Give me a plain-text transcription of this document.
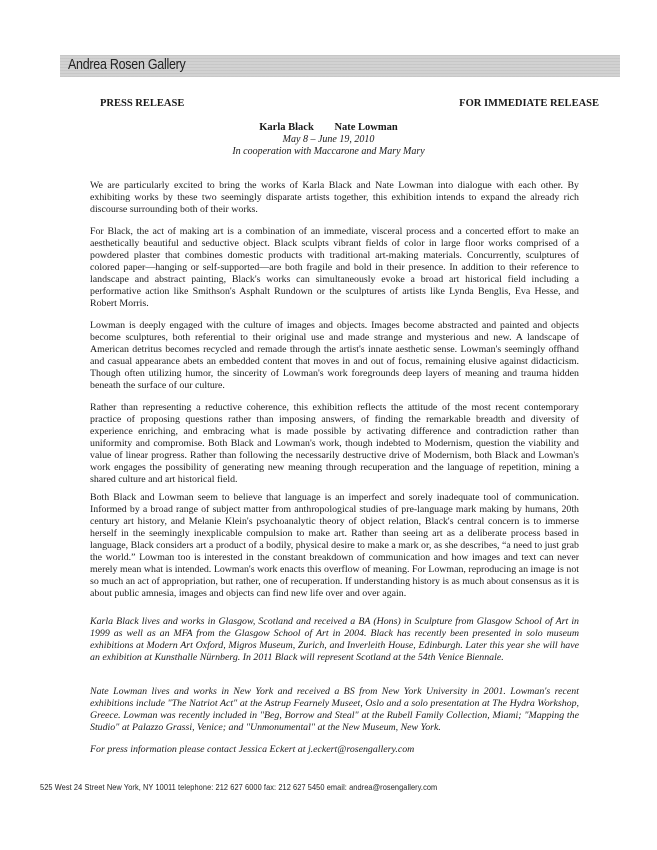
Andrea Rosen Gallery
PRESS RELEASE	FOR IMMEDIATE RELEASE
Karla Black Nate Lowman
May 8 – June 19, 2010
In cooperation with Maccarone and Mary Mary

We are particularly excited to bring the works of Karla Black and Nate Lowman into dialogue with each other. By exhibiting works by these two seemingly disparate artists together, this exhibition intends to expand the already rich discourse surrounding both of their works.

For Black, the act of making art is a combination of an immediate, visceral process and a concerted effort to make an aesthetically beautiful and seductive object. Black sculpts vibrant fields of color in large floor works comprised of a powdered plaster that combines domestic products with traditional art-making materials. Concurrently, sculptures of colored paper—hanging or self-supported—are both fragile and bold in their presence. In addition to their reference to landscape and abstract painting, Black's works can simultaneously evoke a broad art historical field including a performative action like Smithson's Asphalt Rundown or the sculptures of artists like Lynda Benglis, Eva Hesse, and Robert Morris.

Lowman is deeply engaged with the culture of images and objects. Images become abstracted and painted and objects become sculptures, both referential to their original use and made strange and mysterious and new. A landscape of American detritus becomes recycled and remade through the artist's innate aesthetic sense. Lowman's seemingly offhand and casual appearance abets an embedded content that moves in and out of focus, remaining elusive against didacticism. Though often utilizing humor, the sincerity of Lowman's work foregrounds deep layers of meaning and trauma hidden beneath the surface of our culture.

Rather than representing a reductive coherence, this exhibition reflects the attitude of the most recent contemporary practice of proposing questions rather than imposing answers, of finding the remarkable breadth and diversity of experience enriching, and embracing what is made possible by activating difference and contradiction rather than uniformity and compromise. Both Black and Lowman's work, though indebted to Modernism, question the viability and value of linear progress. Rather than following the necessarily destructive drive of Modernism, both Black and Lowman's work engages the possibility of generating new meaning through recuperation and the language of repetition, mining a shared culture and art historical field.

Both Black and Lowman seem to believe that language is an imperfect and sorely inadequate tool of communication. Informed by a broad range of subject matter from anthropological studies of pre-language mark making by humans, 20th century art history, and Melanie Klein's psychoanalytic theory of object relation, Black's central concern is to immerse herself in the seemingly inexplicable compulsion to make art. Rather than seeing art as a deliberate process based in language, Black considers art a product of a bodily, physical desire to make a mark or, as she describes, “a need to just grab the world.” Lowman too is interested in the constant breakdown of communication and how images and text can never merely mean what is intended. Lowman's work enacts this overflow of meaning. For Lowman, reproducing an image is not so much an act of appropriation, but rather, one of recuperation. If understanding history is as much about consensus as it is about public amnesia, images and objects can find new life over and over again.

Karla Black lives and works in Glasgow, Scotland and received a BA (Hons) in Sculpture from Glasgow School of Art in 1999 as well as an MFA from the Glasgow School of Art in 2004. Black has recently been presented in solo museum exhibitions at Modern Art Oxford, Migros Museum, Zurich, and Inverleith House, Edinburgh. Later this year she will have an exhibition at Kunsthalle Nürnberg. In 2011 Black will represent Scotland at the 54th Venice Biennale.

Nate Lowman lives and works in New York and received a BS from New York University in 2001. Lowman's recent exhibitions include "The Natriot Act" at the Astrup Fearnely Museet, Oslo and a solo presentation at The Hydra Workshop, Greece. Lowman was recently included in "Beg, Borrow and Steal" at the Rubell Family Collection, Miami; "Mapping the Studio" at Palazzo Grassi, Venice; and "Unmonumental" at the New Museum, New York.

For press information please contact Jessica Eckert at j.eckert@rosengallery.com

525 West 24 Street New York, NY 10011 telephone: 212 627 6000 fax: 212 627 5450 email: andrea@rosengallery.com
